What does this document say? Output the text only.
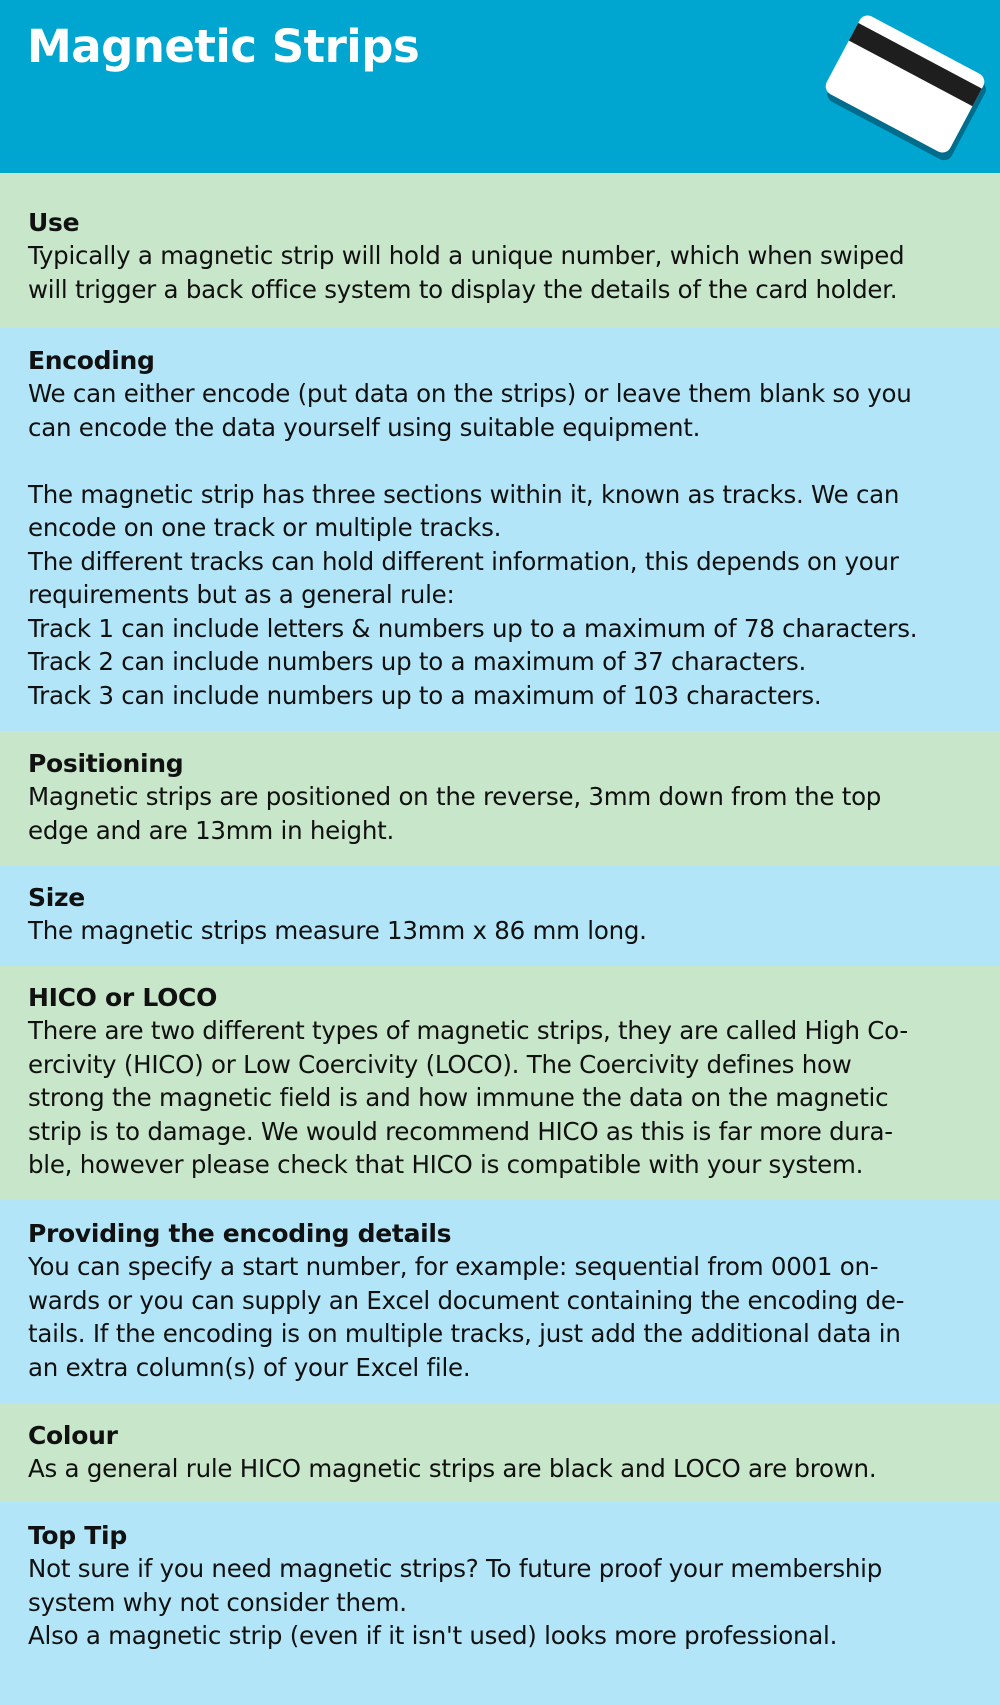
Magnetic Strips
Use
Typically a magnetic strip will hold a unique number, which when swiped
will trigger a back office system to display the details of the card holder.
Encoding
We can either encode (put data on the strips) or leave them blank so you
can encode the data yourself using suitable equipment.
The magnetic strip has three sections within it, known as tracks. We can
encode on one track or multiple tracks.
The different tracks can hold different information, this depends on your
requirements but as a general rule:
Track 1 can include letters & numbers up to a maximum of 78 characters.
Track 2 can include numbers up to a maximum of 37 characters.
Track 3 can include numbers up to a maximum of 103 characters.
Positioning
Magnetic strips are positioned on the reverse, 3mm down from the top
edge and are 13mm in height.
Size
The magnetic strips measure 13mm x 86 mm long.
HICO or LOCO
There are two different types of magnetic strips, they are called High Co-
ercivity (HICO) or Low Coercivity (LOCO). The Coercivity defines how
strong the magnetic field is and how immune the data on the magnetic
strip is to damage. We would recommend HICO as this is far more dura-
ble, however please check that HICO is compatible with your system.
Providing the encoding details
You can specify a start number, for example: sequential from 0001 on-
wards or you can supply an Excel document containing the encoding de-
tails. If the encoding is on multiple tracks, just add the additional data in
an extra column(s) of your Excel file.
Colour
As a general rule HICO magnetic strips are black and LOCO are brown.
Top Tip
Not sure if you need magnetic strips? To future proof your membership
system why not consider them.
Also a magnetic strip (even if it isn't used) looks more professional.
